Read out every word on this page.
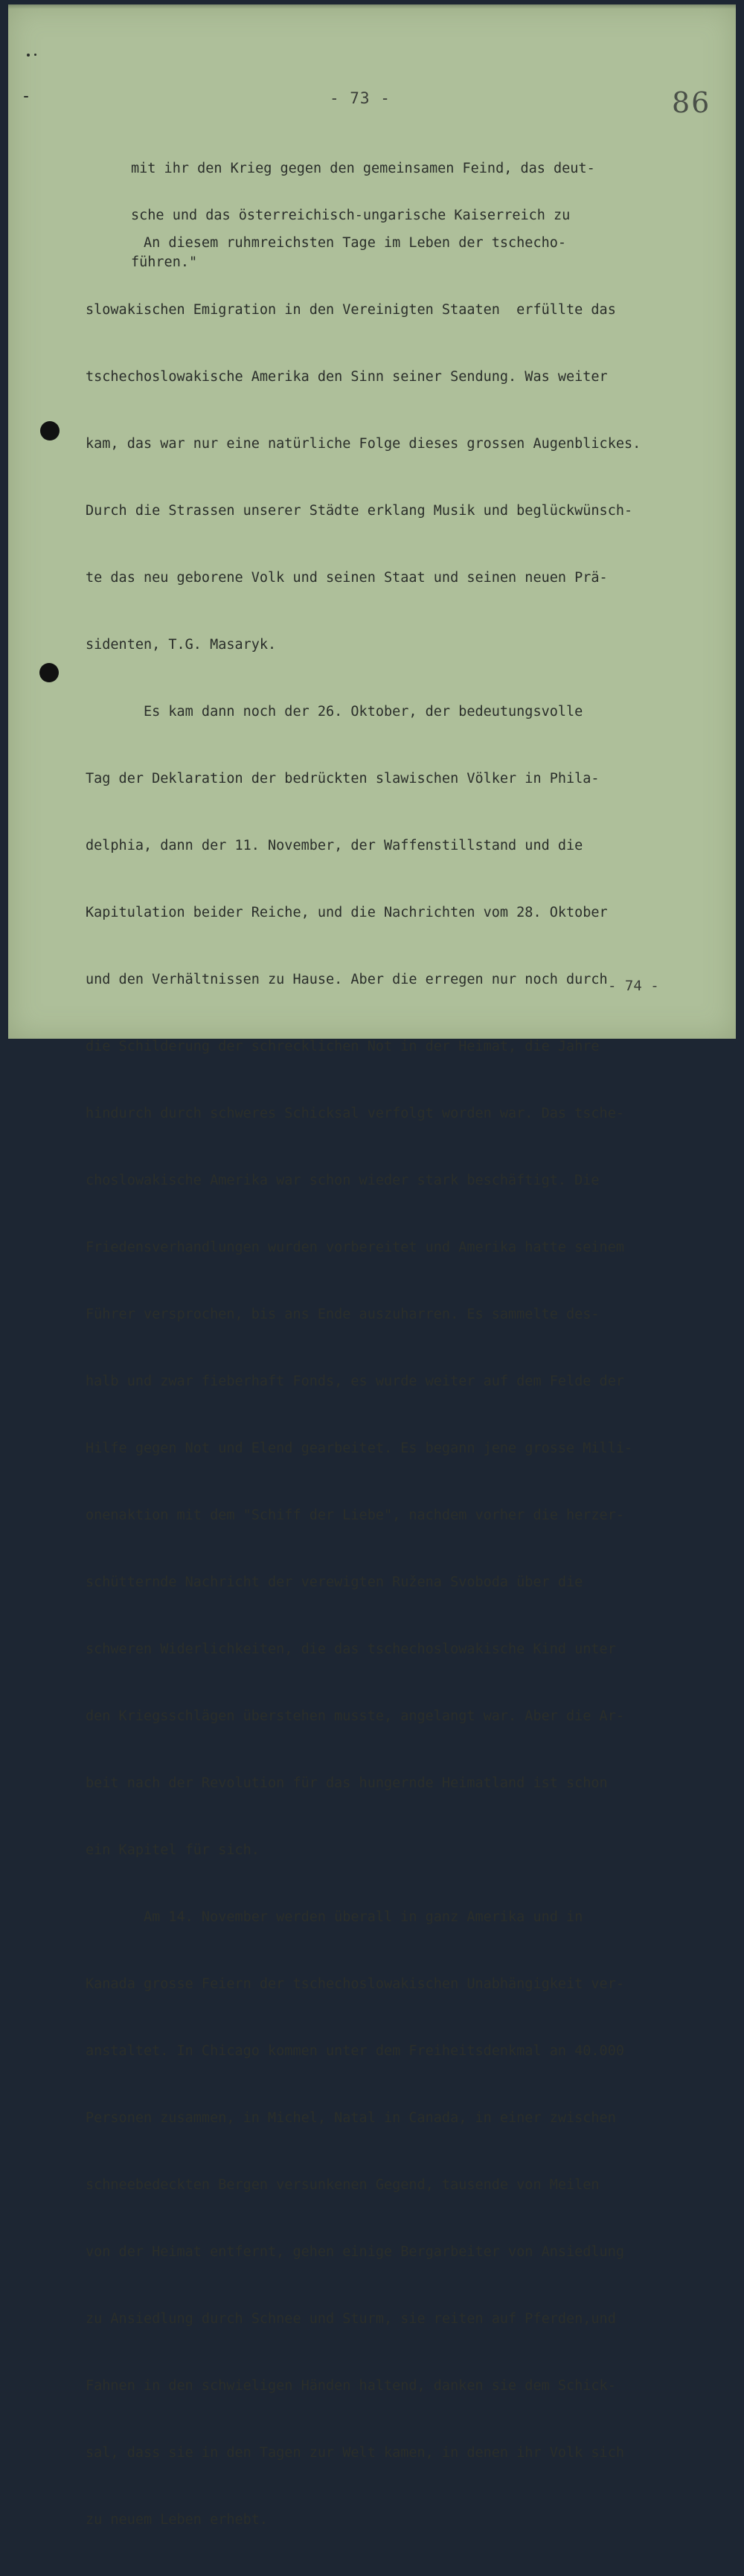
- 73 -	86

mit ihr den Krieg gegen den gemeinsamen Feind, das deut-

sche und das österreichisch-ungarische Kaiserreich zu

führen."

An diesem ruhmreichsten Tage im Leben der tschecho-

slowakischen Emigration in den Vereinigten Staaten  erfüllte das

tschechoslowakische Amerika den Sinn seiner Sendung. Was weiter

kam, das war nur eine natürliche Folge dieses grossen Augenblickes.

Durch die Strassen unserer Städte erklang Musik und beglückwünsch-

te das neu geborene Volk und seinen Staat und seinen neuen Prä-

sidenten, T.G. Masaryk.

Es kam dann noch der 26. Oktober, der bedeutungsvolle

Tag der Deklaration der bedrückten slawischen Völker in Phila-

delphia, dann der 11. November, der Waffenstillstand und die

Kapitulation beider Reiche, und die Nachrichten vom 28. Oktober

und den Verhältnissen zu Hause. Aber die erregen nur noch durch

die Schilderung der schrecklichen Not in der Heimat, die Jahre

hindurch durch schweres Schicksal verfolgt worden war. Das tsche-

choslowakische Amerika war schon wieder stark beschäftigt. Die

Friedensverhandlungen wurden vorbereitet und Amerika hatte seinem

Führer versprochen, bis ans Ende auszuharren. Es sammelte des-

halb und zwar fieberhaft Fonds, es wurde weiter auf dem Felde der

Hilfe gegen Not und Elend gearbeitet. Es begann jene grosse Milli-

onenaktion mit dem "Schiff der Liebe", nachdem vorher die herzer-

schütternde Nachricht der verewigten Ružena Svoboda über die

schweren Widerlichkeiten, die das tschechoslowakische Kind unter

den Kriegsschlägen überstehen musste, angelangt war. Aber die Ar-

beit nach der Revolution für das hungernde Heimatland ist schon

ein Kapitel für sich.

Am 14. November werden überall in ganz Amerika und in

Kanada grosse Feiern der tschechoslowakischen Unabhängigkeit ver-

anstaltet. In Chicago kommen unter dem Freiheitsdenkmal an 40.000

Personen zusammen, in Michel, Natal in Canada, in einer zwischen

schneebedeckten Bergen versunkenen Gegend, tausende von Meilen

von der Heimat entfernt, gehen einige Bergarbeiter von Ansiedlung

zu Ansiedlung durch Schnee und Sturm, sie reiten auf Pferden,und

Fahnen in den schwieligen Händen haltend, danken sie dem Schick-

sal, dass sie in den Tagen zur Welt kamen, in denen ihr Volk sich

zu neuem Leben erhebt.

- 74 -
